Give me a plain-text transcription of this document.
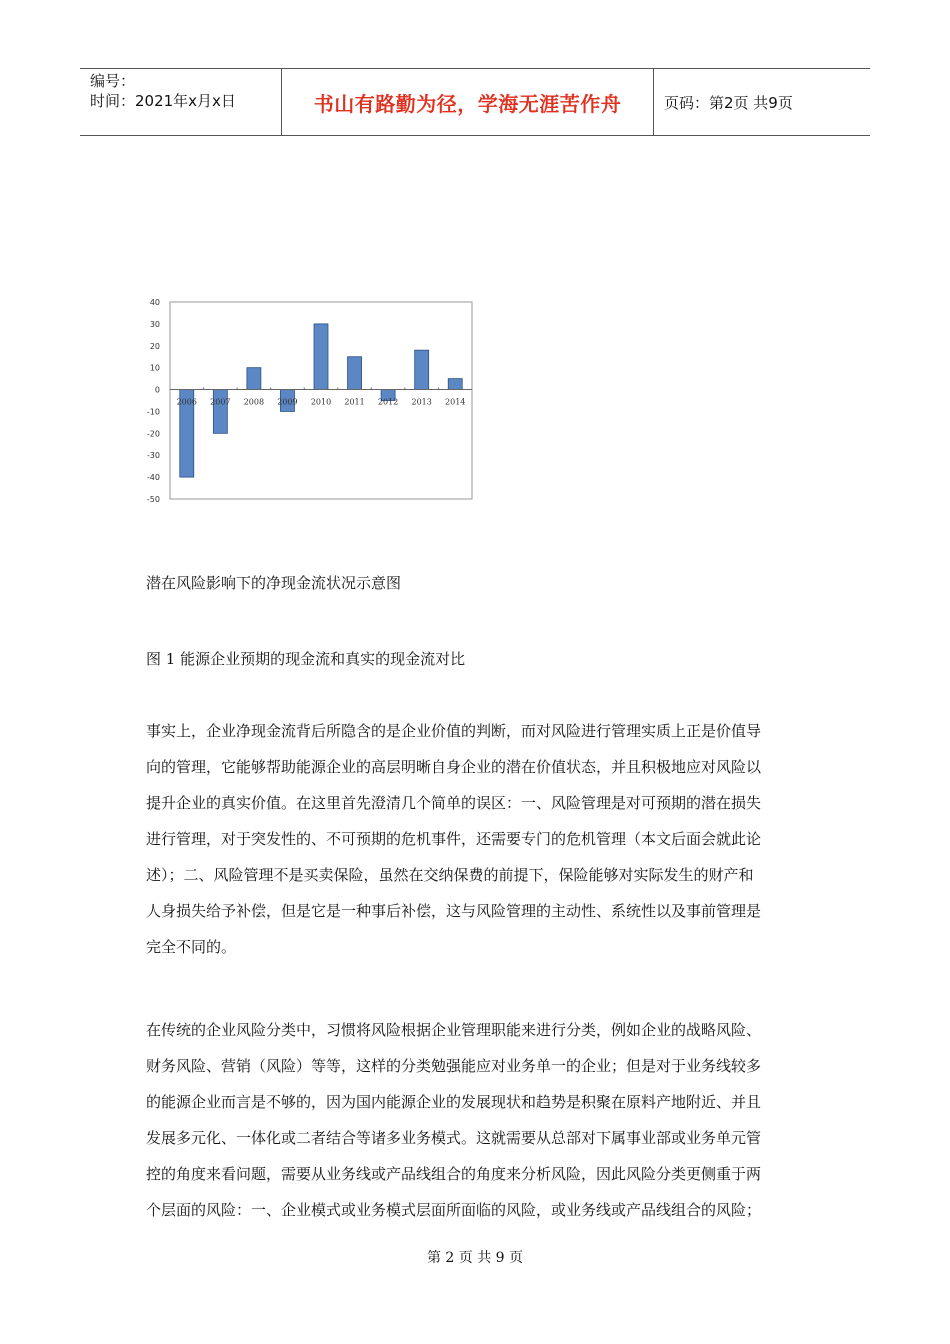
编号：
时间：2021年x月x日	书山有路勤为径，学海无涯苦作舟	页码：第2页 共9页
40
30
20
10
0
-10
-20
-30
-40
-50
2006 2007 2008 2009 2010 2011 2012 2013 2014
潜在风险影响下的净现金流状况示意图
图 1 能源企业预期的现金流和真实的现金流对比
事实上，企业净现金流背后所隐含的是企业价值的判断，而对风险进行管理实质上正是价值导
向的管理，它能够帮助能源企业的高层明晰自身企业的潜在价值状态，并且积极地应对风险以
提升企业的真实价值。在这里首先澄清几个简单的误区：一、风险管理是对可预期的潜在损失
进行管理，对于突发性的、不可预期的危机事件，还需要专门的危机管理（本文后面会就此论
述）；二、风险管理不是买卖保险，虽然在交纳保费的前提下，保险能够对实际发生的财产和
人身损失给予补偿，但是它是一种事后补偿，这与风险管理的主动性、系统性以及事前管理是
完全不同的。
在传统的企业风险分类中，习惯将风险根据企业管理职能来进行分类，例如企业的战略风险、
财务风险、营销（风险）等等，这样的分类勉强能应对业务单一的企业；但是对于业务线较多
的能源企业而言是不够的，因为国内能源企业的发展现状和趋势是积聚在原料产地附近、并且
发展多元化、一体化或二者结合等诸多业务模式。这就需要从总部对下属事业部或业务单元管
控的角度来看问题，需要从业务线或产品线组合的角度来分析风险，因此风险分类更侧重于两
个层面的风险：一、企业模式或业务模式层面所面临的风险，或业务线或产品线组合的风险；
第 2 页 共 9 页
